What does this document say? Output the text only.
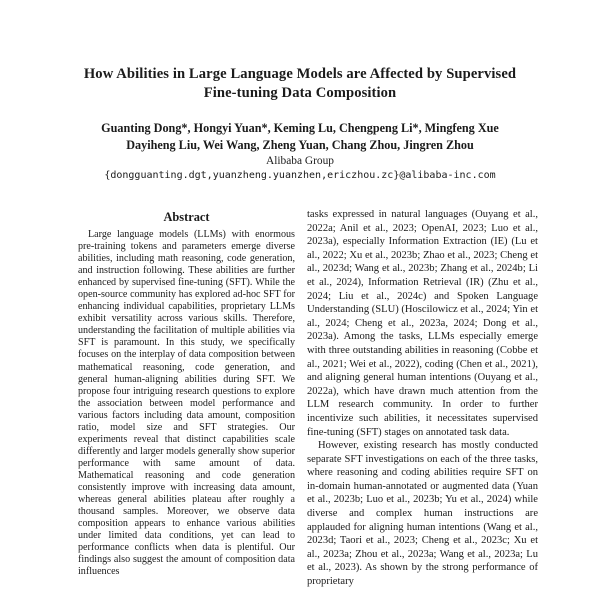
How Abilities in Large Language Models are Affected by Supervised
Fine-tuning Data Composition
Guanting Dong*, Hongyi Yuan*, Keming Lu, Chengpeng Li*, Mingfeng Xue
Dayiheng Liu, Wei Wang, Zheng Yuan, Chang Zhou, Jingren Zhou
Alibaba Group
{dongguanting.dgt,yuanzheng.yuanzhen,ericzhou.zc}@alibaba-inc.com
Abstract
Large language models (LLMs) with enormous pre-training tokens and parameters emerge diverse abilities, including math reasoning, code generation, and instruction following. These abilities are further enhanced by supervised fine-tuning (SFT). While the open-source community has explored ad-hoc SFT for enhancing individual capabilities, proprietary LLMs exhibit versatility across various skills. Therefore, understanding the facilitation of multiple abilities via SFT is paramount. In this study, we specifically focuses on the interplay of data composition between mathematical reasoning, code generation, and general human-aligning abilities during SFT. We propose four intriguing research questions to explore the association between model performance and various factors including data amount, composition ratio, model size and SFT strategies. Our experiments reveal that distinct capabilities scale differently and larger models generally show superior performance with same amount of data. Mathematical reasoning and code generation consistently improve with increasing data amount, whereas general abilities plateau after roughly a thousand samples. Moreover, we observe data composition appears to enhance various abilities under limited data conditions, yet can lead to performance conflicts when data is plentiful. Our findings also suggest the amount of composition data influences

tasks expressed in natural languages (Ouyang et al., 2022a; Anil et al., 2023; OpenAI, 2023; Luo et al., 2023a), especially Information Extraction (IE) (Lu et al., 2022; Xu et al., 2023b; Zhao et al., 2023; Cheng et al., 2023d; Wang et al., 2023b; Zhang et al., 2024b; Li et al., 2024), Information Retrieval (IR) (Zhu et al., 2024; Liu et al., 2024c) and Spoken Language Understanding (SLU) (Hoscilowicz et al., 2024; Yin et al., 2024; Cheng et al., 2023a, 2024; Dong et al., 2023a). Among the tasks, LLMs especially emerge with three outstanding abilities in reasoning (Cobbe et al., 2021; Wei et al., 2022), coding (Chen et al., 2021), and aligning general human intentions (Ouyang et al., 2022a), which have drawn much attention from the LLM research community. In order to further incentivize such abilities, it necessitates supervised fine-tuning (SFT) stages on annotated task data.

However, existing research has mostly conducted separate SFT investigations on each of the three tasks, where reasoning and coding abilities require SFT on in-domain human-annotated or augmented data (Yuan et al., 2023b; Luo et al., 2023b; Yu et al., 2024) while diverse and complex human instructions are applauded for aligning human intentions (Wang et al., 2023d; Taori et al., 2023; Cheng et al., 2023c; Xu et al., 2023a; Zhou et al., 2023a; Wang et al., 2023a; Lu et al., 2023). As shown by the strong performance of proprietary
